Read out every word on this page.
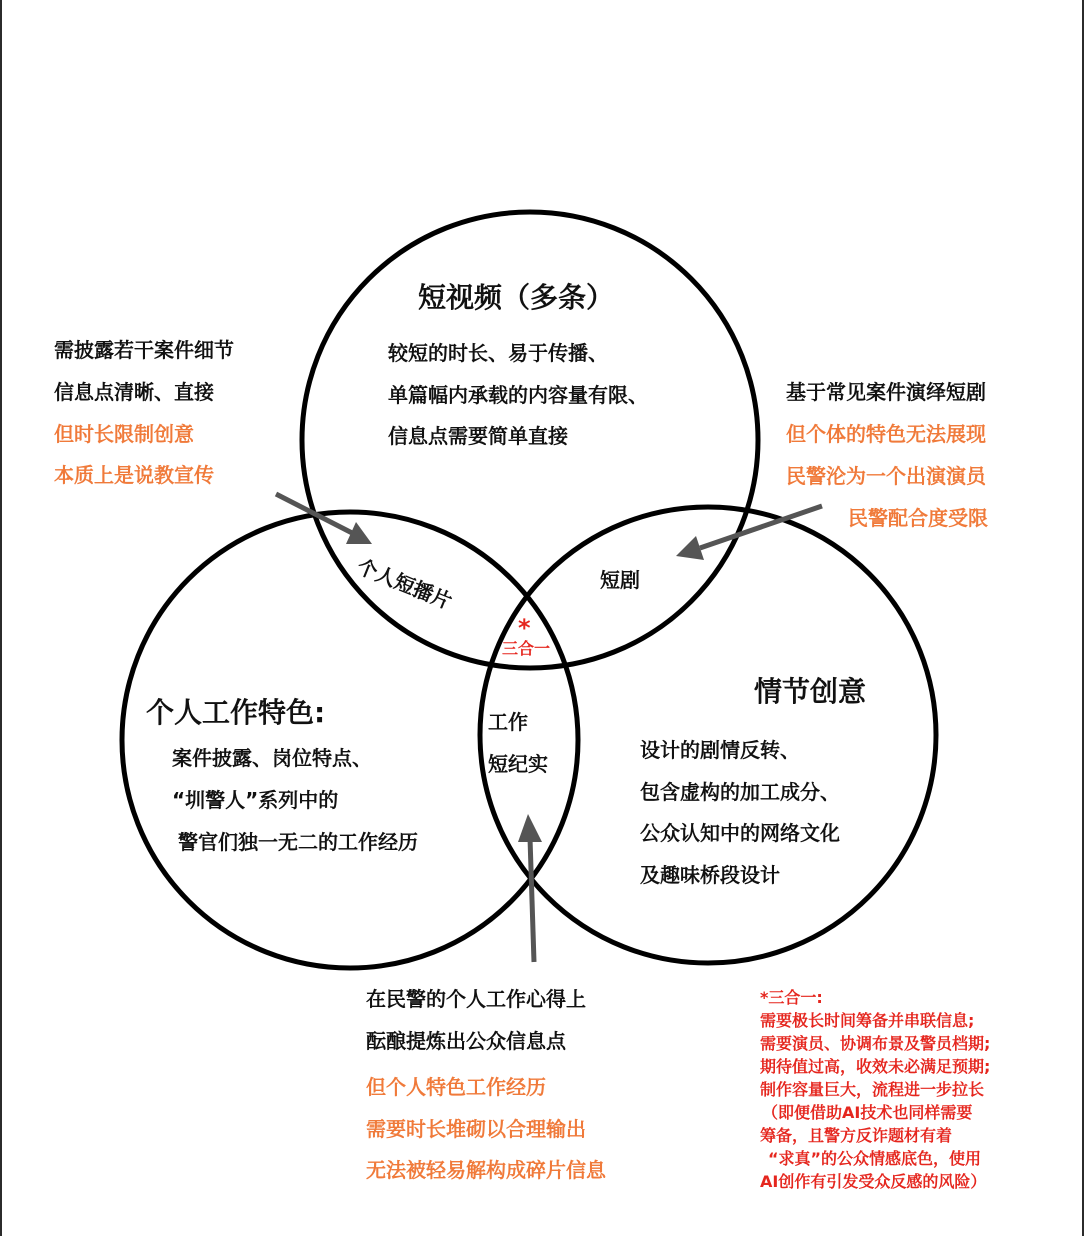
短视频（多条）
较短的时长、易于传播、
单篇幅内承载的内容量有限、
信息点需要简单直接
个人工作特色:
案件披露、岗位特点、
“圳警人”系列中的
警官们独一无二的工作经历
情节创意
设计的剧情反转、
包含虚构的加工成分、
公众认知中的网络文化
及趣味桥段设计
个人短播片	短剧
工作
短纪实
*
三合一
需披露若干案件细节
信息点清晰、直接
但时长限制创意
本质上是说教宣传
基于常见案件演绎短剧
但个体的特色无法展现
民警沦为一个出演演员
民警配合度受限
在民警的个人工作心得上
酝酿提炼出公众信息点
但个人特色工作经历
需要时长堆砌以合理输出
无法被轻易解构成碎片信息
*三合一:
需要极长时间筹备并串联信息;
需要演员、协调布景及警员档期;
期待值过高，收效未必满足预期;
制作容量巨大，流程进一步拉长
（即便借助AI技术也同样需要
筹备，且警方反诈题材有着
“求真”的公众情感底色，使用
AI创作有引发受众反感的风险）
